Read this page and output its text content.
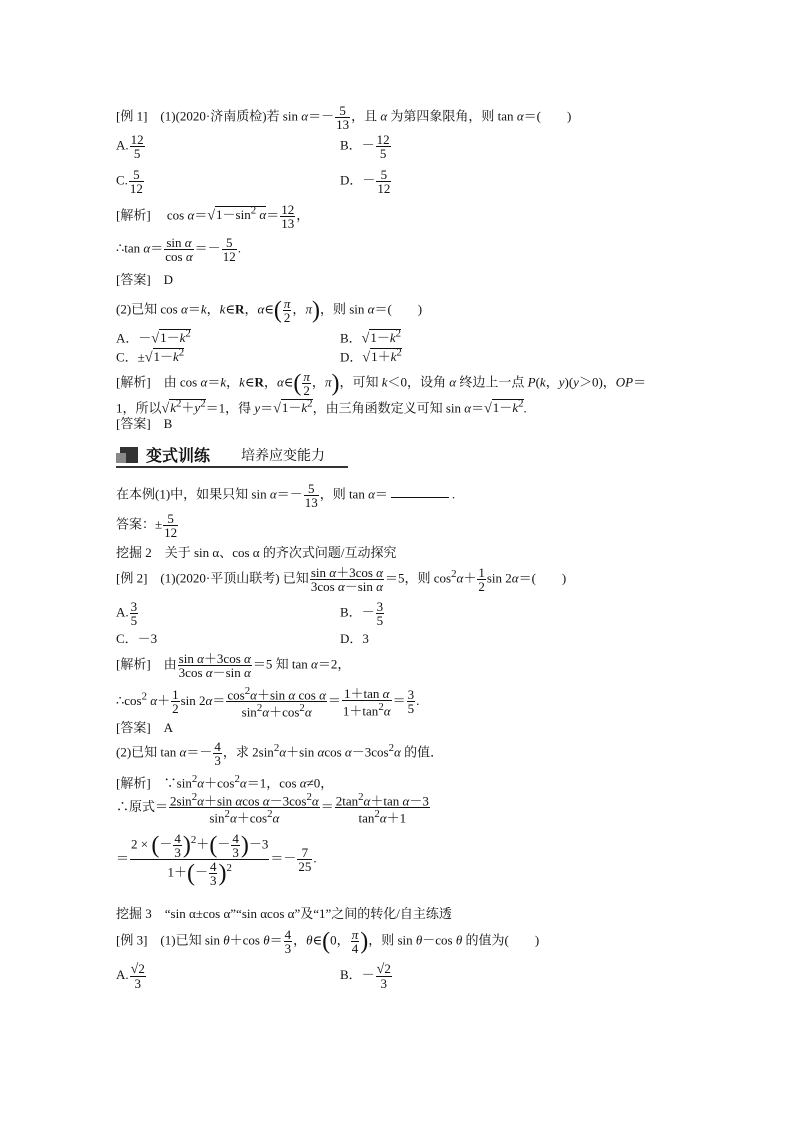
[例 1]　(1)(2020·济南质检)若 $\sin \alpha=- \frac{5}{13}$ ，且 α 为第四象限角，则 tan α＝(　　)
A. $\frac{12}{5}$	B．－ $\frac{12}{5}$
C. $\frac{5}{12}$	D．－ $\frac{5}{12}$
[解析]　 $\cos \alpha=√1-\sin^2$ $\alpha= \frac{12}{13}$ ，
∴tan $\alpha= \frac{\text{sin α}}{\text{cos α}} =- \frac{5}{12}$ .
[答案]　D
(2)已知 cos α＝k，k∈R，α∈( $\frac{\pi}{2}$ ，π)，则 sin α＝(　　)
A．$-√1-k^2$	B．$√1-k^2$
C．$\pm√1-k^2$	D．$√1+k^2$
[解析]　由 cos α＝k，k∈R，α∈( $\frac{\pi}{2}$ ，π)，可知 k＜0，设角 α 终边上一点 P(k，y)(y＞0)，OP＝
1，所以$√k^2+y^2=1$，得 $y=√1-k^2$，由三角函数定义可知 $\sin \alpha=√1-k^2$.
[答案]　B
变式训练 培养应变能力
在本例(1)中，如果只知 $\sin \alpha=- \frac{5}{13}$ ，则 tan α＝	.
答案：± $\frac{5}{12}$
挖掘 2　关于 sin α、cos α 的齐次式问题/互动探究
[例 2]　(1)(2020·平顶山联考) 已知 $\frac{\text{sin α＋3cos α}}{\text{3cos α－sin α}} =5$，则 $\cos^2\alpha+ \frac{1}{2}$ sin 2α＝(　　)
A. $\frac{3}{5}$	B．－ $\frac{3}{5}$
C．－3	D．3
[解析]　由 $\frac{\text{sin α＋3cos α}}{\text{3cos α－sin α}} =5$ 知 tan α＝2，
$\therefore\cos^2$ $\alpha+ \frac{1}{2}$ $\sin 2\alpha= \frac{\cos^2\alpha+\sin \alpha \cos \alpha}{\sin^2\alpha+\cos^2\alpha} = \frac{\text{1＋tan α}}{1+\tan^2\alpha} = \frac{3}{5}$ .
[答案]　A
(2)已知 $\tan \alpha=- \frac{4}{3}$ ，求 $2\sin^2\alpha+\sin$ αcos $\alpha-3\cos^2\alpha$ 的值．
[解析]　$\because\sin^2\alpha+\cos^2\alpha=1$，cos α≠0，
∴原式＝ $\frac{2\sin^2\alpha+\sin \alpha\cos \alpha-3\cos^2\alpha}{\sin^2\alpha+\cos^2\alpha} = \frac{2\tan^2\alpha+\tan \alpha-3}{\tan^2\alpha+1}$
＝ $\frac{2 \times (- \frac{4}{3} )^2+(- \frac{4}{3} )-3}{1+(- \frac{4}{3} )^2} =- \frac{7}{25}$ .
挖掘 3　“sin α±cos α”“sin αcos α”及“1”之间的转化/自主练透
[例 3]　(1)已知 sin θ＋cos $\theta= \frac{4}{3}$ ，θ∈(0， $\frac{\pi}{4}$ )，则 sin θ－cos θ 的值为(　　)
A. $\frac{√2}{3}$	B．－ $\frac{√2}{3}$
